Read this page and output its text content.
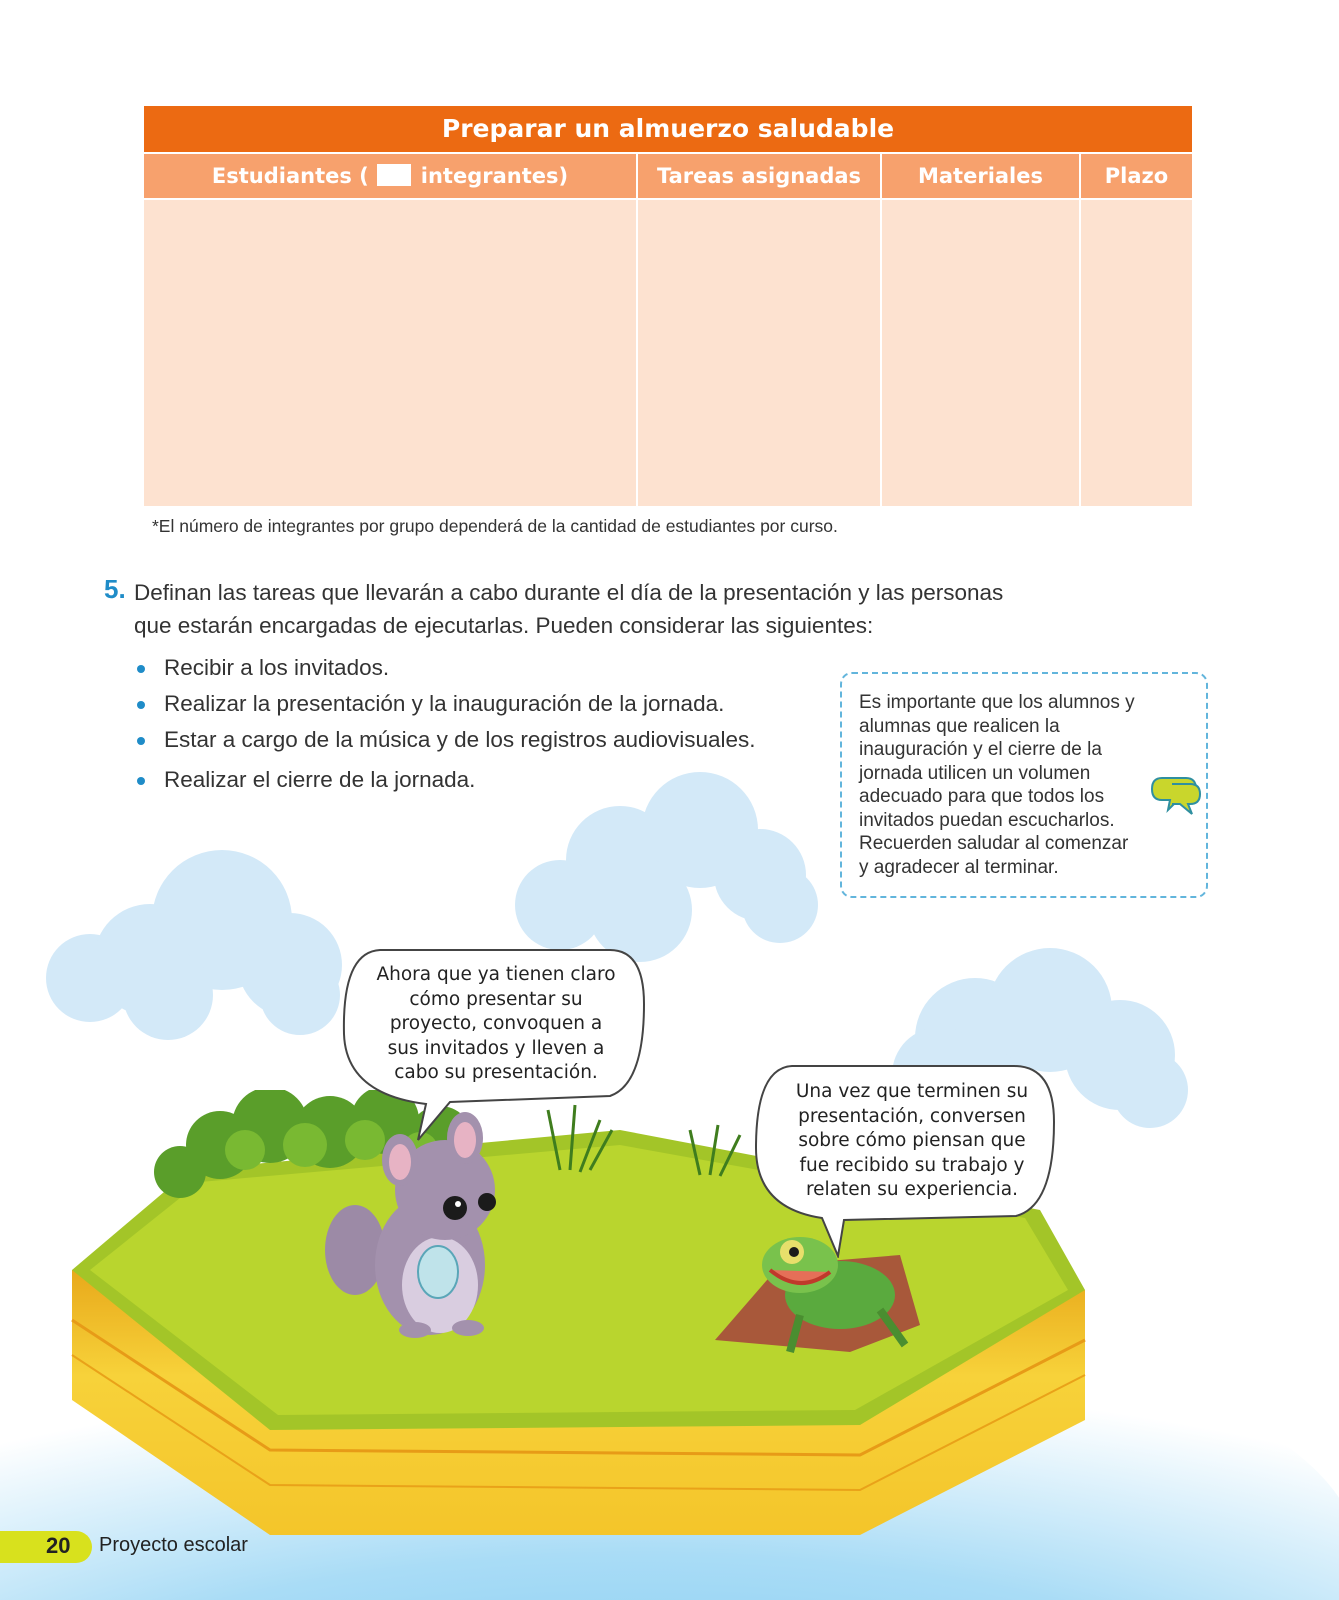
Preparar un almuerzo saludable
Estudiantes ( integrantes)	Tareas asignadas	Materiales	Plazo
*El número de integrantes por grupo dependerá de la cantidad de estudiantes por curso.
Ahora que ya tienen claro cómo presentar su proyecto, convoquen a sus invitados y lleven a cabo su presentación.
Una vez que terminen su presentación, conversen sobre cómo piensan que fue recibido su trabajo y relaten su experiencia.
5. Definan las tareas que llevarán a cabo durante el día de la presentación y las personas que estarán encargadas de ejecutarlas. Pueden considerar las siguientes:
Recibir a los invitados.
Realizar la presentación y la inauguración de la jornada.
Estar a cargo de la música y de los registros audiovisuales.
Realizar el cierre de la jornada.
Es importante que los alumnos y alumnas que realicen la inauguración y el cierre de la jornada utilicen un volumen adecuado para que todos los invitados puedan escucharlos. Recuerden saludar al comenzar y agradecer al terminar.
20 Proyecto escolar
